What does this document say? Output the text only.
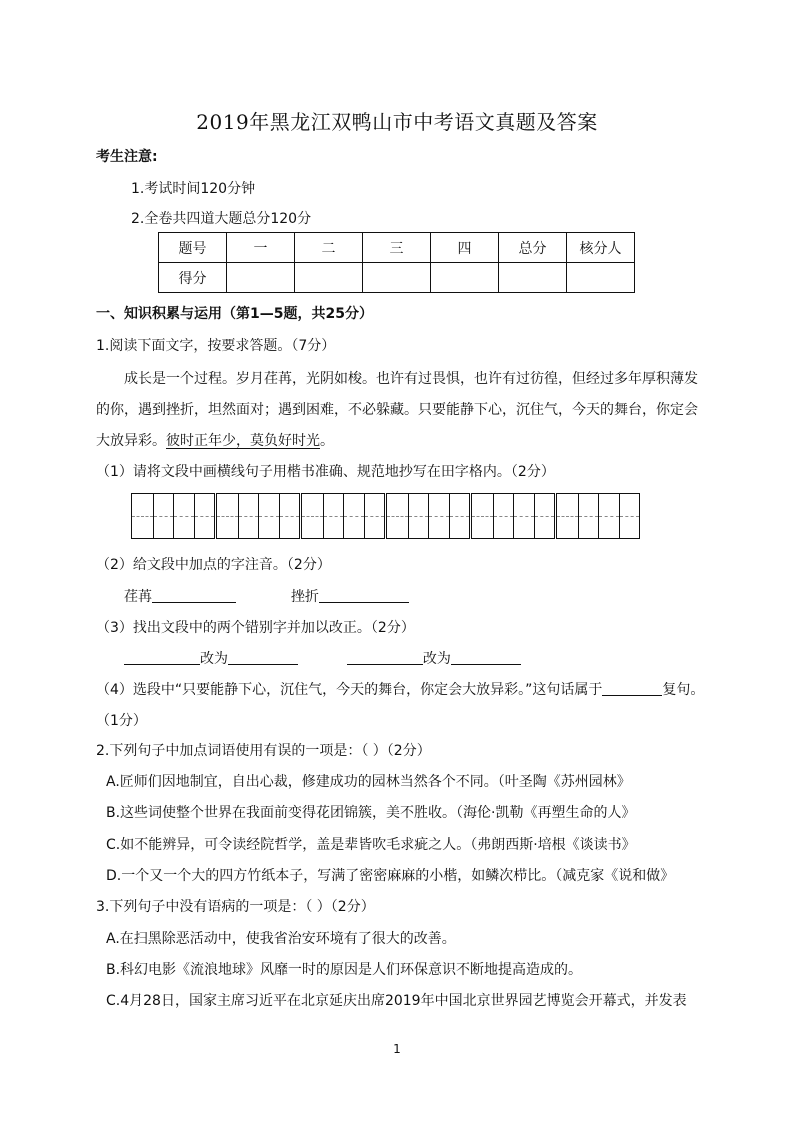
2019年黑龙江双鸭山市中考语文真题及答案
考生注意:
1.考试时间120分钟
2.全卷共四道大题总分120分
题号	一	二	三	四	总分	核分人
得分						
一、知识积累与运用（第1—5题，共25分）
1.阅读下面文字，按要求答题。（7分）
成长是一个过程。岁月荏苒，光阴如梭。也许有过畏惧，也许有过彷徨，但经过多年厚积薄发
的你，遇到挫折，坦然面对；遇到困难，不必躲藏。只要能静下心，沉住气，今天的舞台，你定会
大放异彩。彼时正年少，莫负好时光。
（1）请将文段中画横线句子用楷书准确、规范地抄写在田字格内。（2分）
（2）给文段中加点的字注音。（2分）
荏苒	挫折
（3）找出文段中的两个错别字并加以改正。（2分）
改为	改为
（4）选段中“只要能静下心，沉住气，今天的舞台，你定会大放异彩。”这句话属于	复句。
（1分）
2.下列句子中加点词语使用有误的一项是：（ ）（2分）
A.匠师们因地制宜，自出心裁，修建成功的园林当然各个不同。（叶圣陶《苏州园林》
B.这些词使整个世界在我面前变得花团锦簇，美不胜收。（海伦·凯勒《再塑生命的人》
C.如不能辨异，可令读经院哲学，盖是辈皆吹毛求疵之人。（弗朗西斯·培根《谈读书》
D.一个又一个大的四方竹纸本子，写满了密密麻麻的小楷，如鳞次栉比。（减克家《说和做》
3.下列句子中没有语病的一项是：（ ）（2分）
A.在扫黑除恶活动中，使我省治安环境有了很大的改善。
B.科幻电影《流浪地球》风靡一时的原因是人们环保意识不断地提高造成的。
C.4月28日，国家主席习近平在北京延庆出席2019年中国北京世界园艺博览会开幕式，并发表
1
